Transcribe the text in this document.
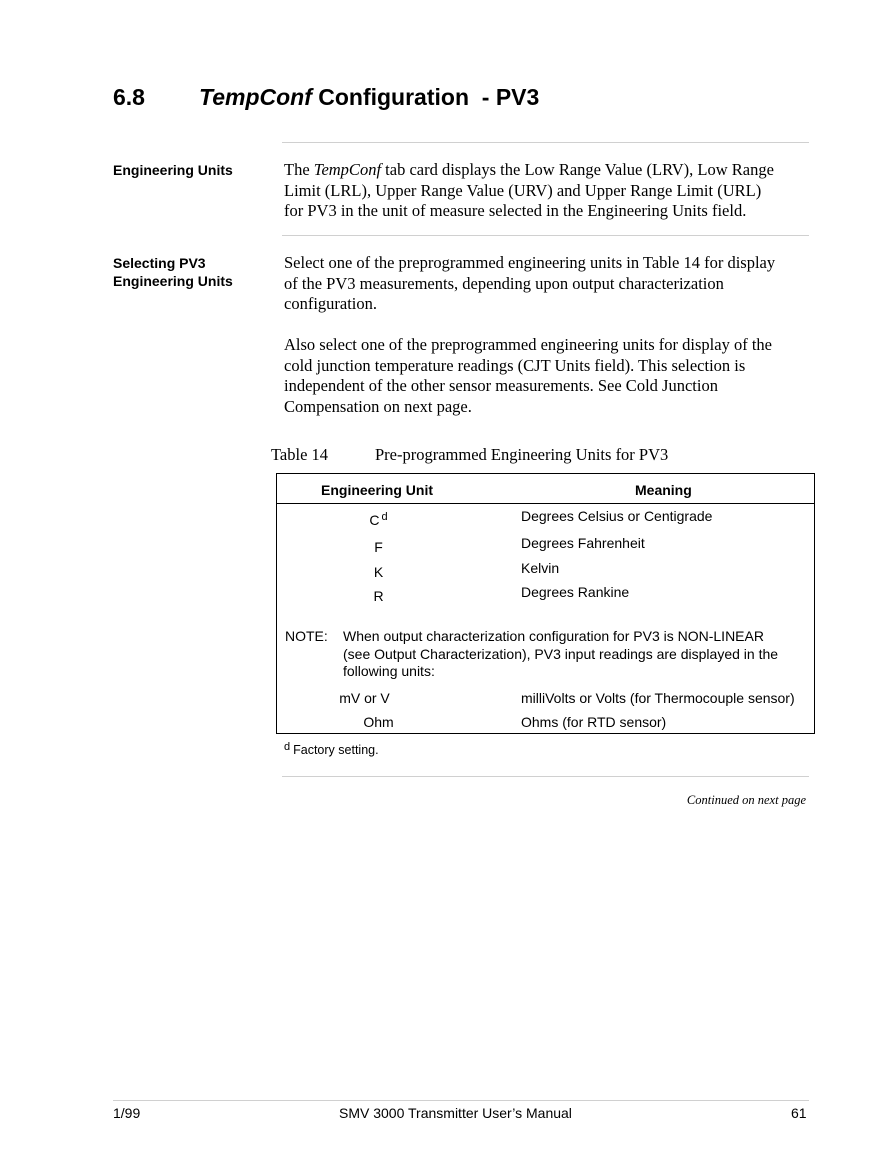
6.8 TempConf Configuration  - PV3
Engineering Units	The TempConf tab card displays the Low Range Value (LRV), Low Range
Limit (LRL), Upper Range Value (URV) and Upper Range Limit (URL)
for PV3 in the unit of measure selected in the Engineering Units field.
Selecting PV3
Engineering Units
Select one of the preprogrammed engineering units in Table 14 for display
of the PV3 measurements, depending upon output characterization
configuration.
Also select one of the preprogrammed engineering units for display of the
cold junction temperature readings (CJT Units field). This selection is
independent of the other sensor measurements. See Cold Junction
Compensation on next page.
Table 14	Pre-programmed Engineering Units for PV3
Engineering Unit	Meaning
C $^d$	Degrees Celsius or Centigrade
F	Degrees Fahrenheit
K	Kelvin
R	Degrees Rankine
NOTE: When output characterization configuration for PV3 is NON-LINEAR
(see Output Characterization), PV3 input readings are displayed in the
following units:
mV or V	milliVolts or Volts (for Thermocouple sensor)
Ohm	Ohms (for RTD sensor)
$^d$ Factory setting.
Continued on next page
1/99	SMV 3000 Transmitter User’s Manual	61
